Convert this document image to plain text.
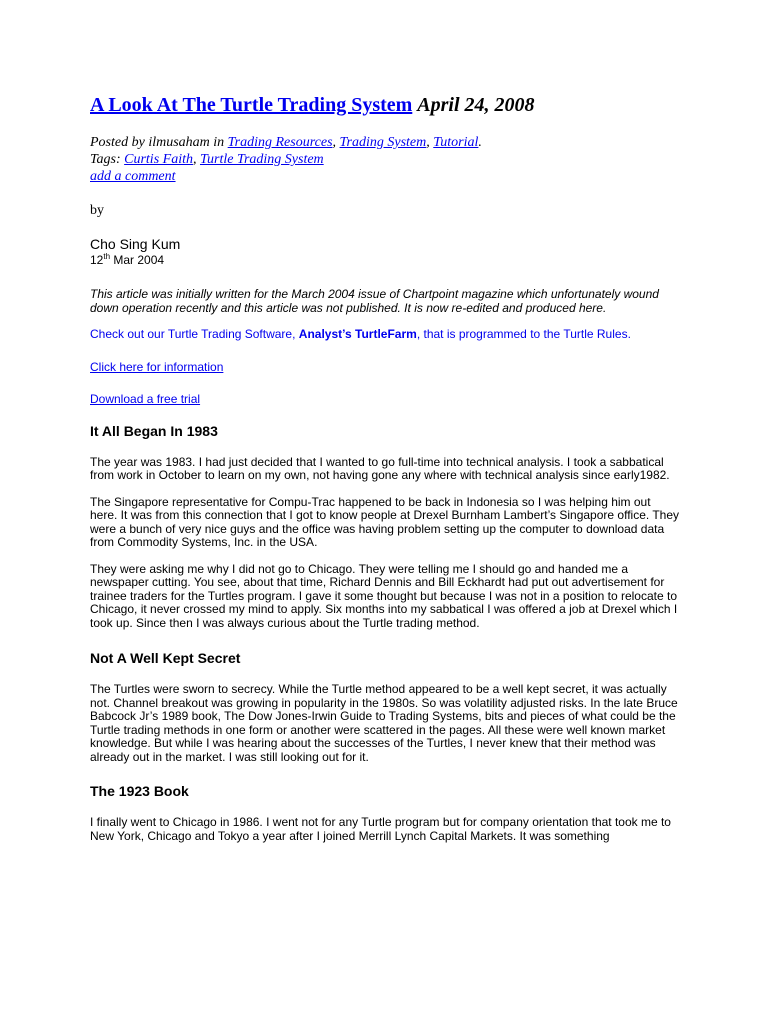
A Look At The Turtle Trading System April 24, 2008
Posted by ilmusaham in Trading Resources, Trading System, Tutorial.
Tags: Curtis Faith, Turtle Trading System
add a comment
by
Cho Sing Kum
12th Mar 2004

This article was initially written for the March 2004 issue of Chartpoint magazine which unfortunately wound down operation recently and this article was not published. It is now re-edited and produced here.

Check out our Turtle Trading Software, Analyst’s TurtleFarm, that is programmed to the Turtle Rules.

Click here for information

Download a free trial

It All Began In 1983

The year was 1983. I had just decided that I wanted to go full-time into technical analysis. I took a sabbatical from work in October to learn on my own, not having gone any where with technical analysis since early1982.

The Singapore representative for Compu-Trac happened to be back in Indonesia so I was helping him out here. It was from this connection that I got to know people at Drexel Burnham Lambert’s Singapore office. They were a bunch of very nice guys and the office was having problem setting up the computer to download data from Commodity Systems, Inc. in the USA.

They were asking me why I did not go to Chicago. They were telling me I should go and handed me a newspaper cutting. You see, about that time, Richard Dennis and Bill Eckhardt had put out advertisement for trainee traders for the Turtles program. I gave it some thought but because I was not in a position to relocate to Chicago, it never crossed my mind to apply. Six months into my sabbatical I was offered a job at Drexel which I took up. Since then I was always curious about the Turtle trading method.

Not A Well Kept Secret

The Turtles were sworn to secrecy. While the Turtle method appeared to be a well kept secret, it was actually not. Channel breakout was growing in popularity in the 1980s. So was volatility adjusted risks. In the late Bruce Babcock Jr’s 1989 book, The Dow Jones-Irwin Guide to Trading Systems, bits and pieces of what could be the Turtle trading methods in one form or another were scattered in the pages. All these were well known market knowledge. But while I was hearing about the successes of the Turtles, I never knew that their method was already out in the market. I was still looking out for it.

The 1923 Book

I finally went to Chicago in 1986. I went not for any Turtle program but for company orientation that took me to New York, Chicago and Tokyo a year after I joined Merrill Lynch Capital Markets. It was something
